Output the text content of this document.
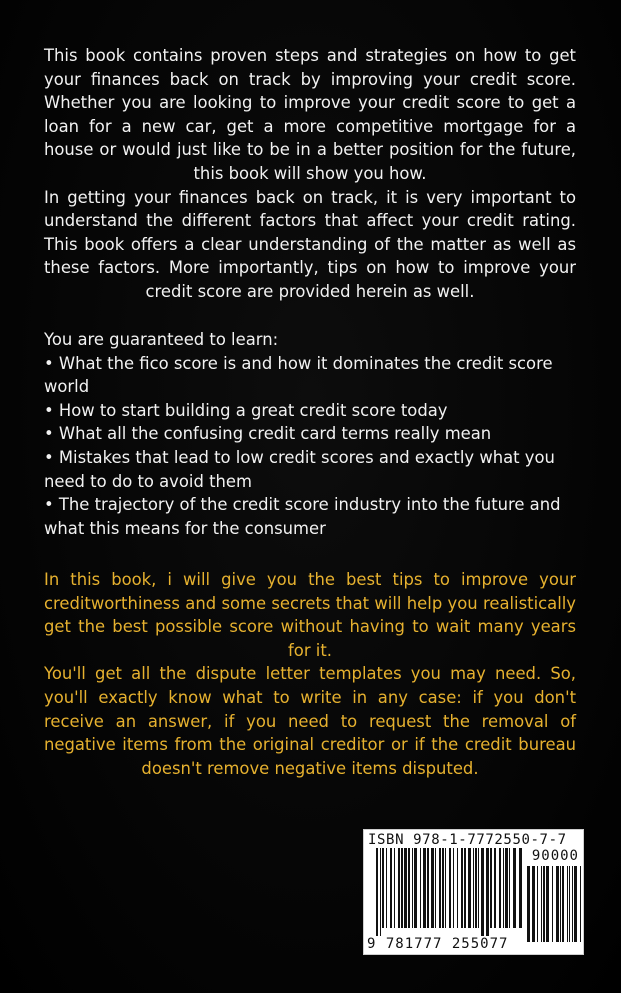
This book contains proven steps and strategies on how to get your finances back on track by improving your credit score. Whether you are looking to improve your credit score to get a loan for a new car, get a more competitive mortgage for a house or would just like to be in a better position for the future, this book will show you how.

In getting your finances back on track, it is very important to understand the different factors that affect your credit rating. This book offers a clear understanding of the matter as well as these factors. More importantly, tips on how to improve your credit score are provided herein as well.

You are guaranteed to learn:

• What the fico score is and how it dominates the credit score world

• How to start building a great credit score today

• What all the confusing credit card terms really mean

• Mistakes that lead to low credit scores and exactly what you need to do to avoid them

• The trajectory of the credit score industry into the future and what this means for the consumer

In this book, i will give you the best tips to improve your creditworthiness and some secrets that will help you realistically get the best possible score without having to wait many years for it.

You'll get all the dispute letter templates you may need. So, you'll exactly know what to write in any case: if you don't receive an answer, if you need to request the removal of negative items from the original creditor or if the credit bureau doesn't remove negative items disputed.

ISBN 978-1-7772550-7-7
90000
9 781777 255077
